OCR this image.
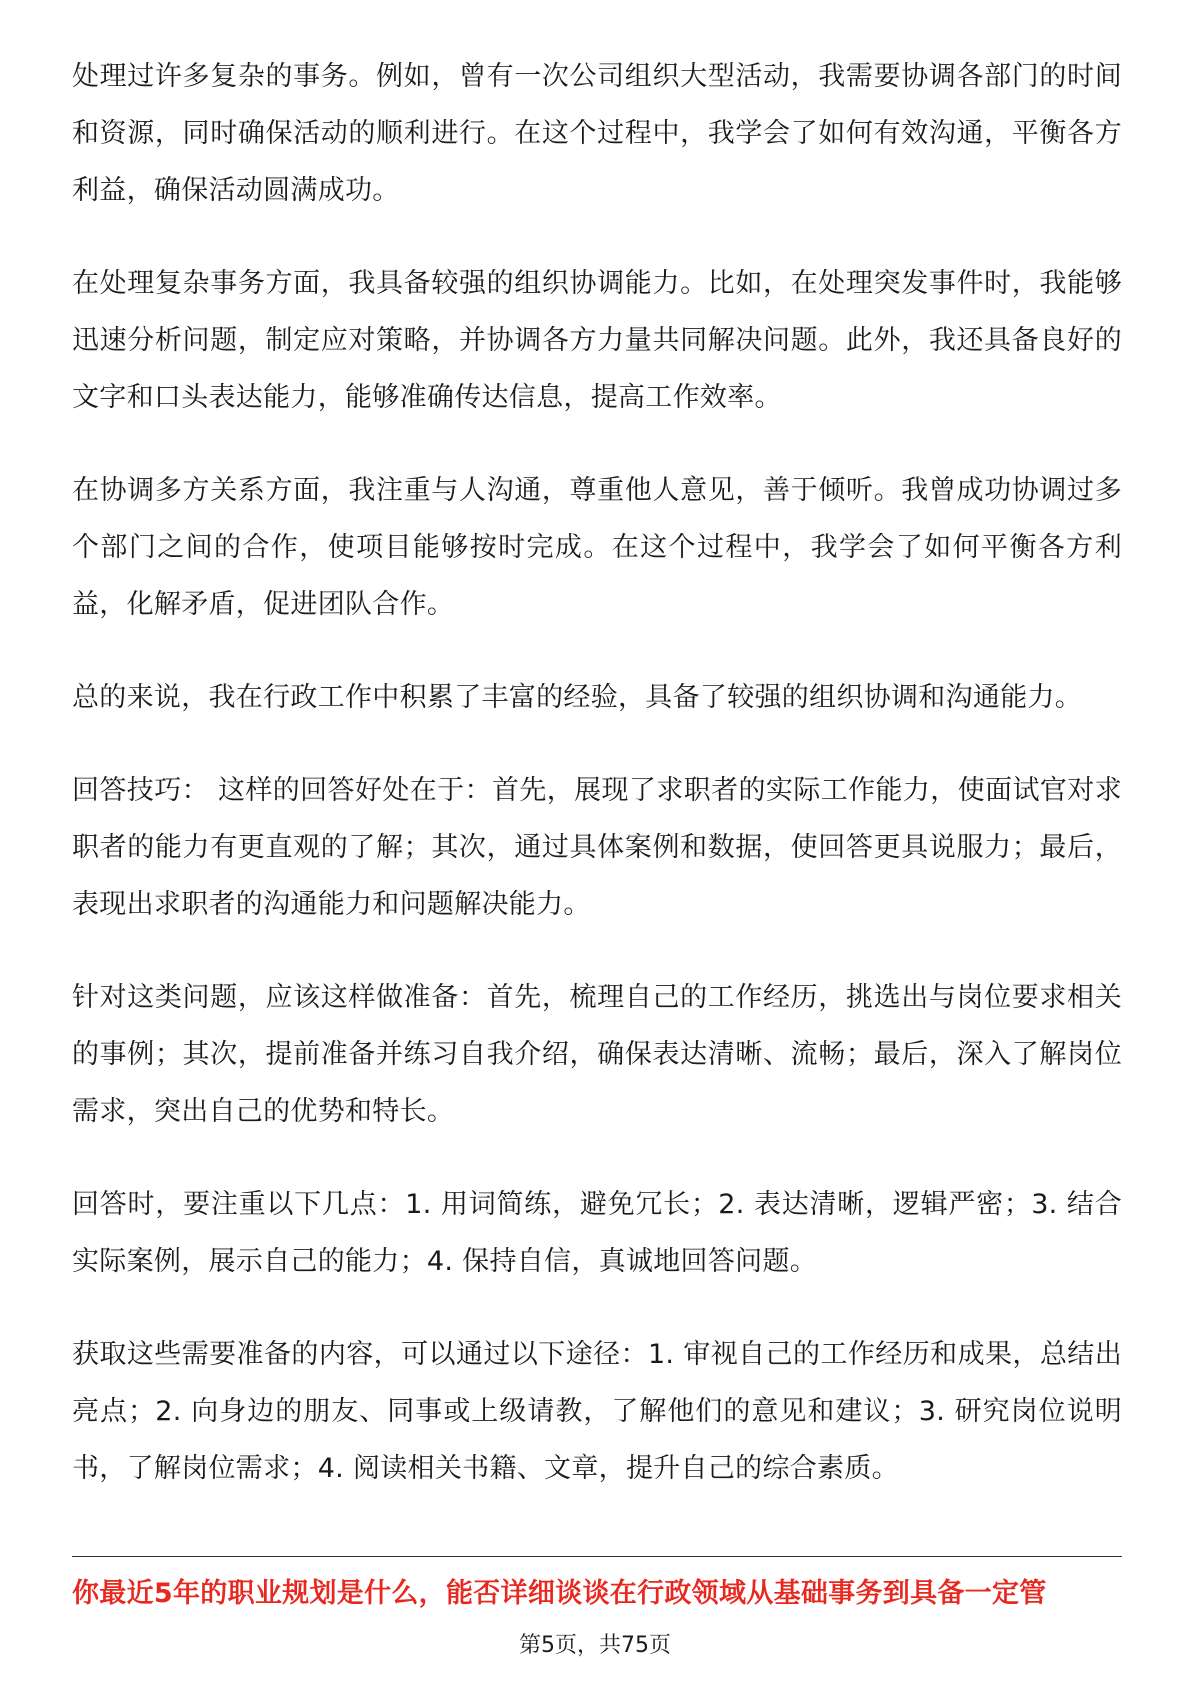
处理过许多复杂的事务。例如，曾有一次公司组织大型活动，我需要协调各部门的时间和资源，同时确保活动的顺利进行。在这个过程中，我学会了如何有效沟通，平衡各方利益，确保活动圆满成功。

在处理复杂事务方面，我具备较强的组织协调能力。比如，在处理突发事件时，我能够迅速分析问题，制定应对策略，并协调各方力量共同解决问题。此外，我还具备良好的文字和口头表达能力，能够准确传达信息，提高工作效率。

在协调多方关系方面，我注重与人沟通，尊重他人意见，善于倾听。我曾成功协调过多个部门之间的合作，使项目能够按时完成。在这个过程中，我学会了如何平衡各方利益，化解矛盾，促进团队合作。

总的来说，我在行政工作中积累了丰富的经验，具备了较强的组织协调和沟通能力。

回答技巧： 这样的回答好处在于：首先，展现了求职者的实际工作能力，使面试官对求职者的能力有更直观的了解；其次，通过具体案例和数据，使回答更具说服力；最后，表现出求职者的沟通能力和问题解决能力。

针对这类问题，应该这样做准备：首先，梳理自己的工作经历，挑选出与岗位要求相关的事例；其次，提前准备并练习自我介绍，确保表达清晰、流畅；最后，深入了解岗位需求，突出自己的优势和特长。

回答时，要注重以下几点：1. 用词简练，避免冗长；2. 表达清晰，逻辑严密；3. 结合实际案例，展示自己的能力；4. 保持自信，真诚地回答问题。

获取这些需要准备的内容，可以通过以下途径：1. 审视自己的工作经历和成果，总结出亮点；2. 向身边的朋友、同事或上级请教，了解他们的意见和建议；3. 研究岗位说明书，了解岗位需求；4. 阅读相关书籍、文章，提升自己的综合素质。

你最近5年的职业规划是什么，能否详细谈谈在行政领域从基础事务到具备一定管
第5页，共75页
